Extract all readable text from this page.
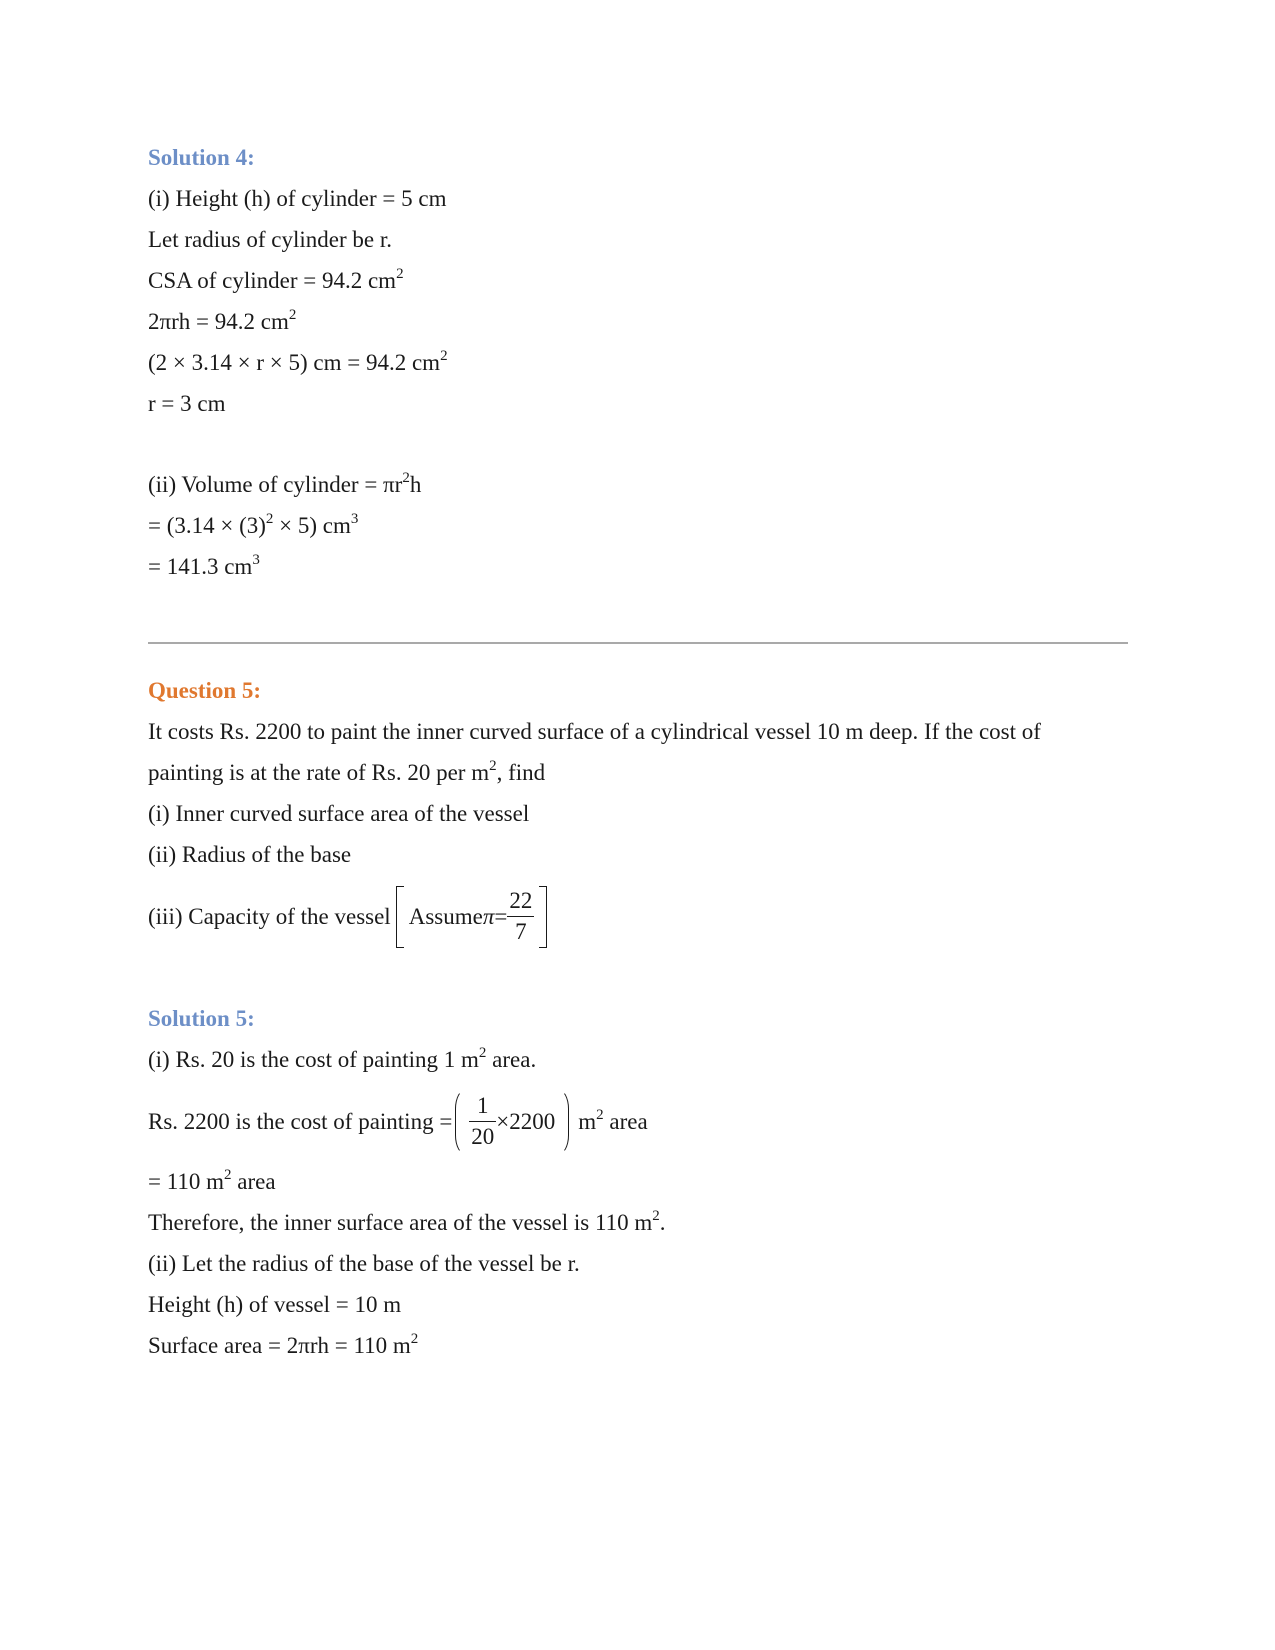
Solution 4:
(i) Height (h) of cylinder = 5 cm
Let radius of cylinder be r.
CSA of cylinder = 94.2 $cm^2$
2πrh = 94.2 $cm^2$
(2 × 3.14 × r × 5) cm = 94.2 $cm^2$
r = 3 cm
(ii) Volume of cylinder = $\pi r^2h$
= $(3.14 \times (3)^2 \times 5)$ $cm^3$
= 141.3 $cm^3$
Question 5:
It costs Rs. 2200 to paint the inner curved surface of a cylindrical vessel 10 m deep. If the cost of
painting is at the rate of Rs. 20 per $m^2$, find
(i) Inner curved surface area of the vessel
(ii) Radius of the base
(iii) Capacity of the vessel Assumeπ= $\frac{22}{7}$
Solution 5:
(i) Rs. 20 is the cost of painting 1 $m^2$ area.
Rs. 2200 is the cost of painting = $\frac{1}{20} \times 2200$ $m^2$ area
= 110 $m^2$ area
Therefore, the inner surface area of the vessel is 110 $m^2$.
(ii) Let the radius of the base of the vessel be r.
Height (h) of vessel = 10 m
Surface area = 2πrh = 110 $m^2$
